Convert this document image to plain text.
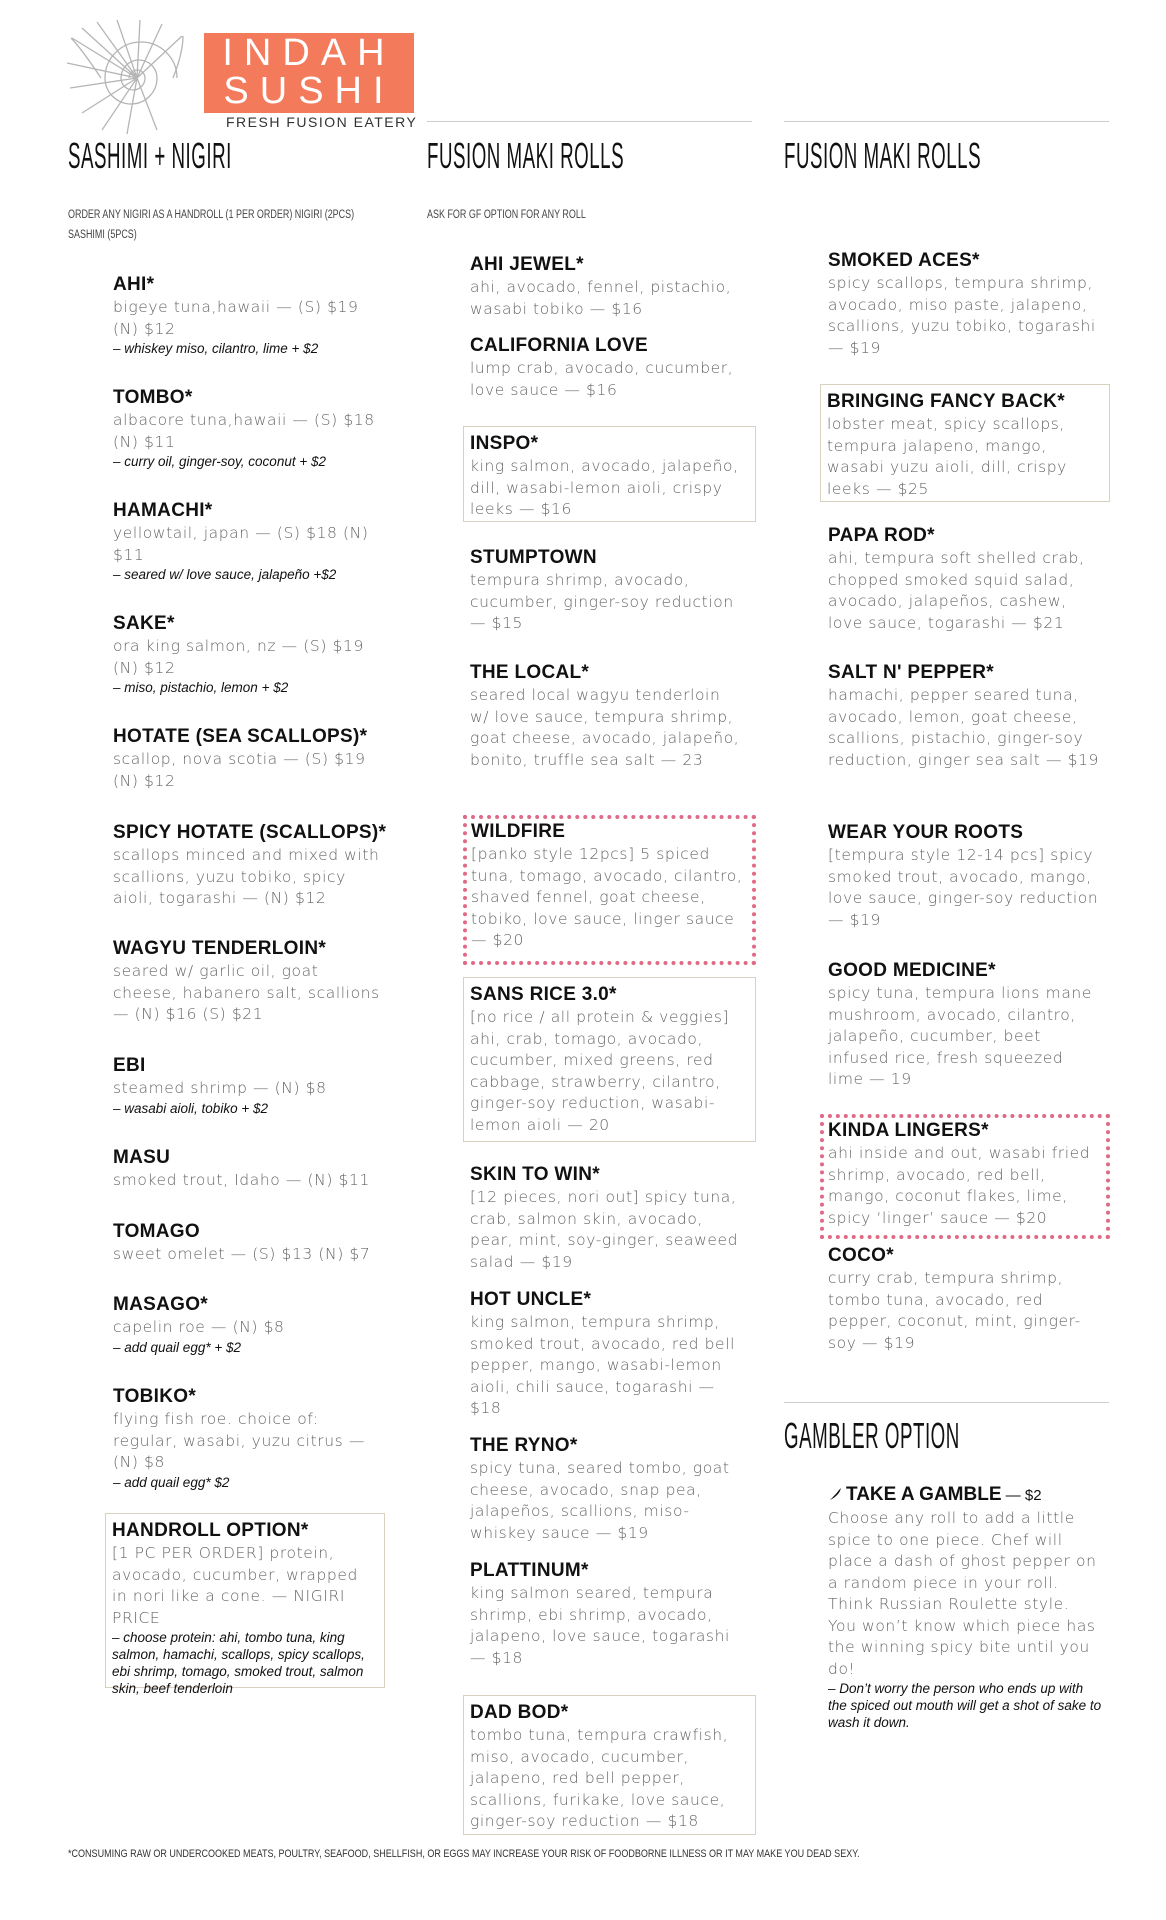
INDAH
SUSHI
FRESH FUSION EATERY
SASHIMI + NIGIRI	FUSION MAKI ROLLS	FUSION MAKI ROLLS
GAMBLER OPTION
ORDER ANY NIGIRI AS A HANDROLL (1 PER ORDER) NIGIRI (2PCS)
SASHIMI (5PCS)
ASK FOR GF OPTION FOR ANY ROLL
AHI*
bigeye tuna,hawaii — (S) $19 (N) $12
– whiskey miso, cilantro, lime + $2
TOMBO*
albacore tuna,hawaii — (S) $18 (N) $11
– curry oil, ginger-soy, coconut + $2
HAMACHI*
yellowtail, japan — (S) $18 (N) $11
– seared w/ love sauce, jalapeño +$2
SAKE*
ora king salmon, nz — (S) $19 (N) $12
– miso, pistachio, lemon + $2
HOTATE (SEA SCALLOPS)*
scallop, nova scotia — (S) $19 (N) $12
SPICY HOTATE (SCALLOPS)*
scallops minced and mixed with scallions, yuzu tobiko, spicy aioli, togarashi — (N) $12
WAGYU TENDERLOIN*
seared w/ garlic oil, goat cheese, habanero salt, scallions — (N) $16 (S) $21
EBI
steamed shrimp — (N) $8
– wasabi aioli, tobiko + $2
MASU
smoked trout, Idaho — (N) $11
TOMAGO
sweet omelet — (S) $13 (N) $7
MASAGO*
capelin roe — (N) $8
– add quail egg* + $2
TOBIKO*
flying fish roe. choice of: regular, wasabi, yuzu citrus — (N) $8
– add quail egg* $2
HANDROLL OPTION*
[1 PC PER ORDER] protein, avocado, cucumber, wrapped in nori like a cone. — NIGIRI PRICE
– choose protein: ahi, tombo tuna, king salmon, hamachi, scallops, spicy scallops, ebi shrimp, tomago, smoked trout, salmon skin, beef tenderloin
AHI JEWEL*
ahi, avocado, fennel, pistachio, wasabi tobiko — $16
CALIFORNIA LOVE
lump crab, avocado, cucumber, love sauce — $16
INSPO*
king salmon, avocado, jalapeño, dill, wasabi-lemon aioli, crispy leeks — $16
STUMPTOWN
tempura shrimp, avocado, cucumber, ginger-soy reduction — $15
THE LOCAL*
seared local wagyu tenderloin w/ love sauce, tempura shrimp, goat cheese, avocado, jalapeño, bonito, truffle sea salt — 23
WILDFIRE
[panko style 12pcs] 5 spiced tuna, tomago, avocado, cilantro, shaved fennel, goat cheese, tobiko, love sauce, linger sauce — $20
SANS RICE 3.0*
[no rice / all protein & veggies] ahi, crab, tomago, avocado, cucumber, mixed greens, red cabbage, strawberry, cilantro, ginger-soy reduction, wasabi-lemon aioli — 20
SKIN TO WIN*
[12 pieces, nori out] spicy tuna, crab, salmon skin, avocado, pear, mint, soy-ginger, seaweed salad — $19
HOT UNCLE*
king salmon, tempura shrimp, smoked trout, avocado, red bell pepper, mango, wasabi-lemon aioli, chili sauce, togarashi — $18
THE RYNO*
spicy tuna, seared tombo, goat cheese, avocado, snap pea, jalapeños, scallions, miso-whiskey sauce — $19
PLATTINUM*
king salmon seared, tempura shrimp, ebi shrimp, avocado, jalapeno, love sauce, togarashi — $18
DAD BOD*
tombo tuna, tempura crawfish, miso, avocado, cucumber, jalapeno, red bell pepper, scallions, furikake, love sauce, ginger-soy reduction — $18
SMOKED ACES*
spicy scallops, tempura shrimp, avocado, miso paste, jalapeno, scallions, yuzu tobiko, togarashi — $19
BRINGING FANCY BACK*
lobster meat, spicy scallops, tempura jalapeno, mango, wasabi yuzu aioli, dill, crispy leeks — $25
PAPA ROD*
ahi, tempura soft shelled crab, chopped smoked squid salad, avocado, jalapeños, cashew, love sauce, togarashi — $21
SALT N' PEPPER*
hamachi, pepper seared tuna, avocado, lemon, goat cheese, scallions, pistachio, ginger-soy reduction, ginger sea salt — $19
WEAR YOUR ROOTS
[tempura style 12-14 pcs] spicy smoked trout, avocado, mango, love sauce, ginger-soy reduction — $19
GOOD MEDICINE*
spicy tuna, tempura lions mane mushroom, avocado, cilantro, jalapeño, cucumber, beet infused rice, fresh squeezed lime — 19
KINDA LINGERS*
ahi inside and out, wasabi fried shrimp, avocado, red bell, mango, coconut flakes, lime, spicy ‘linger’ sauce — $20
COCO*
curry crab, tempura shrimp, tombo tuna, avocado, red pepper, coconut, mint, ginger-soy — $19
TAKE A GAMBLE — $2
Choose any roll to add a little spice to one piece. Chef will place a dash of ghost pepper on a random piece in your roll. Think Russian Roulette style. You won’t know which piece has the winning spicy bite until you do!
– Don’t worry the person who ends up with the spiced out mouth will get a shot of sake to wash it down.
*CONSUMING RAW OR UNDERCOOKED MEATS, POULTRY, SEAFOOD, SHELLFISH, OR EGGS MAY INCREASE YOUR RISK OF FOODBORNE ILLNESS OR IT MAY MAKE YOU DEAD SEXY.
